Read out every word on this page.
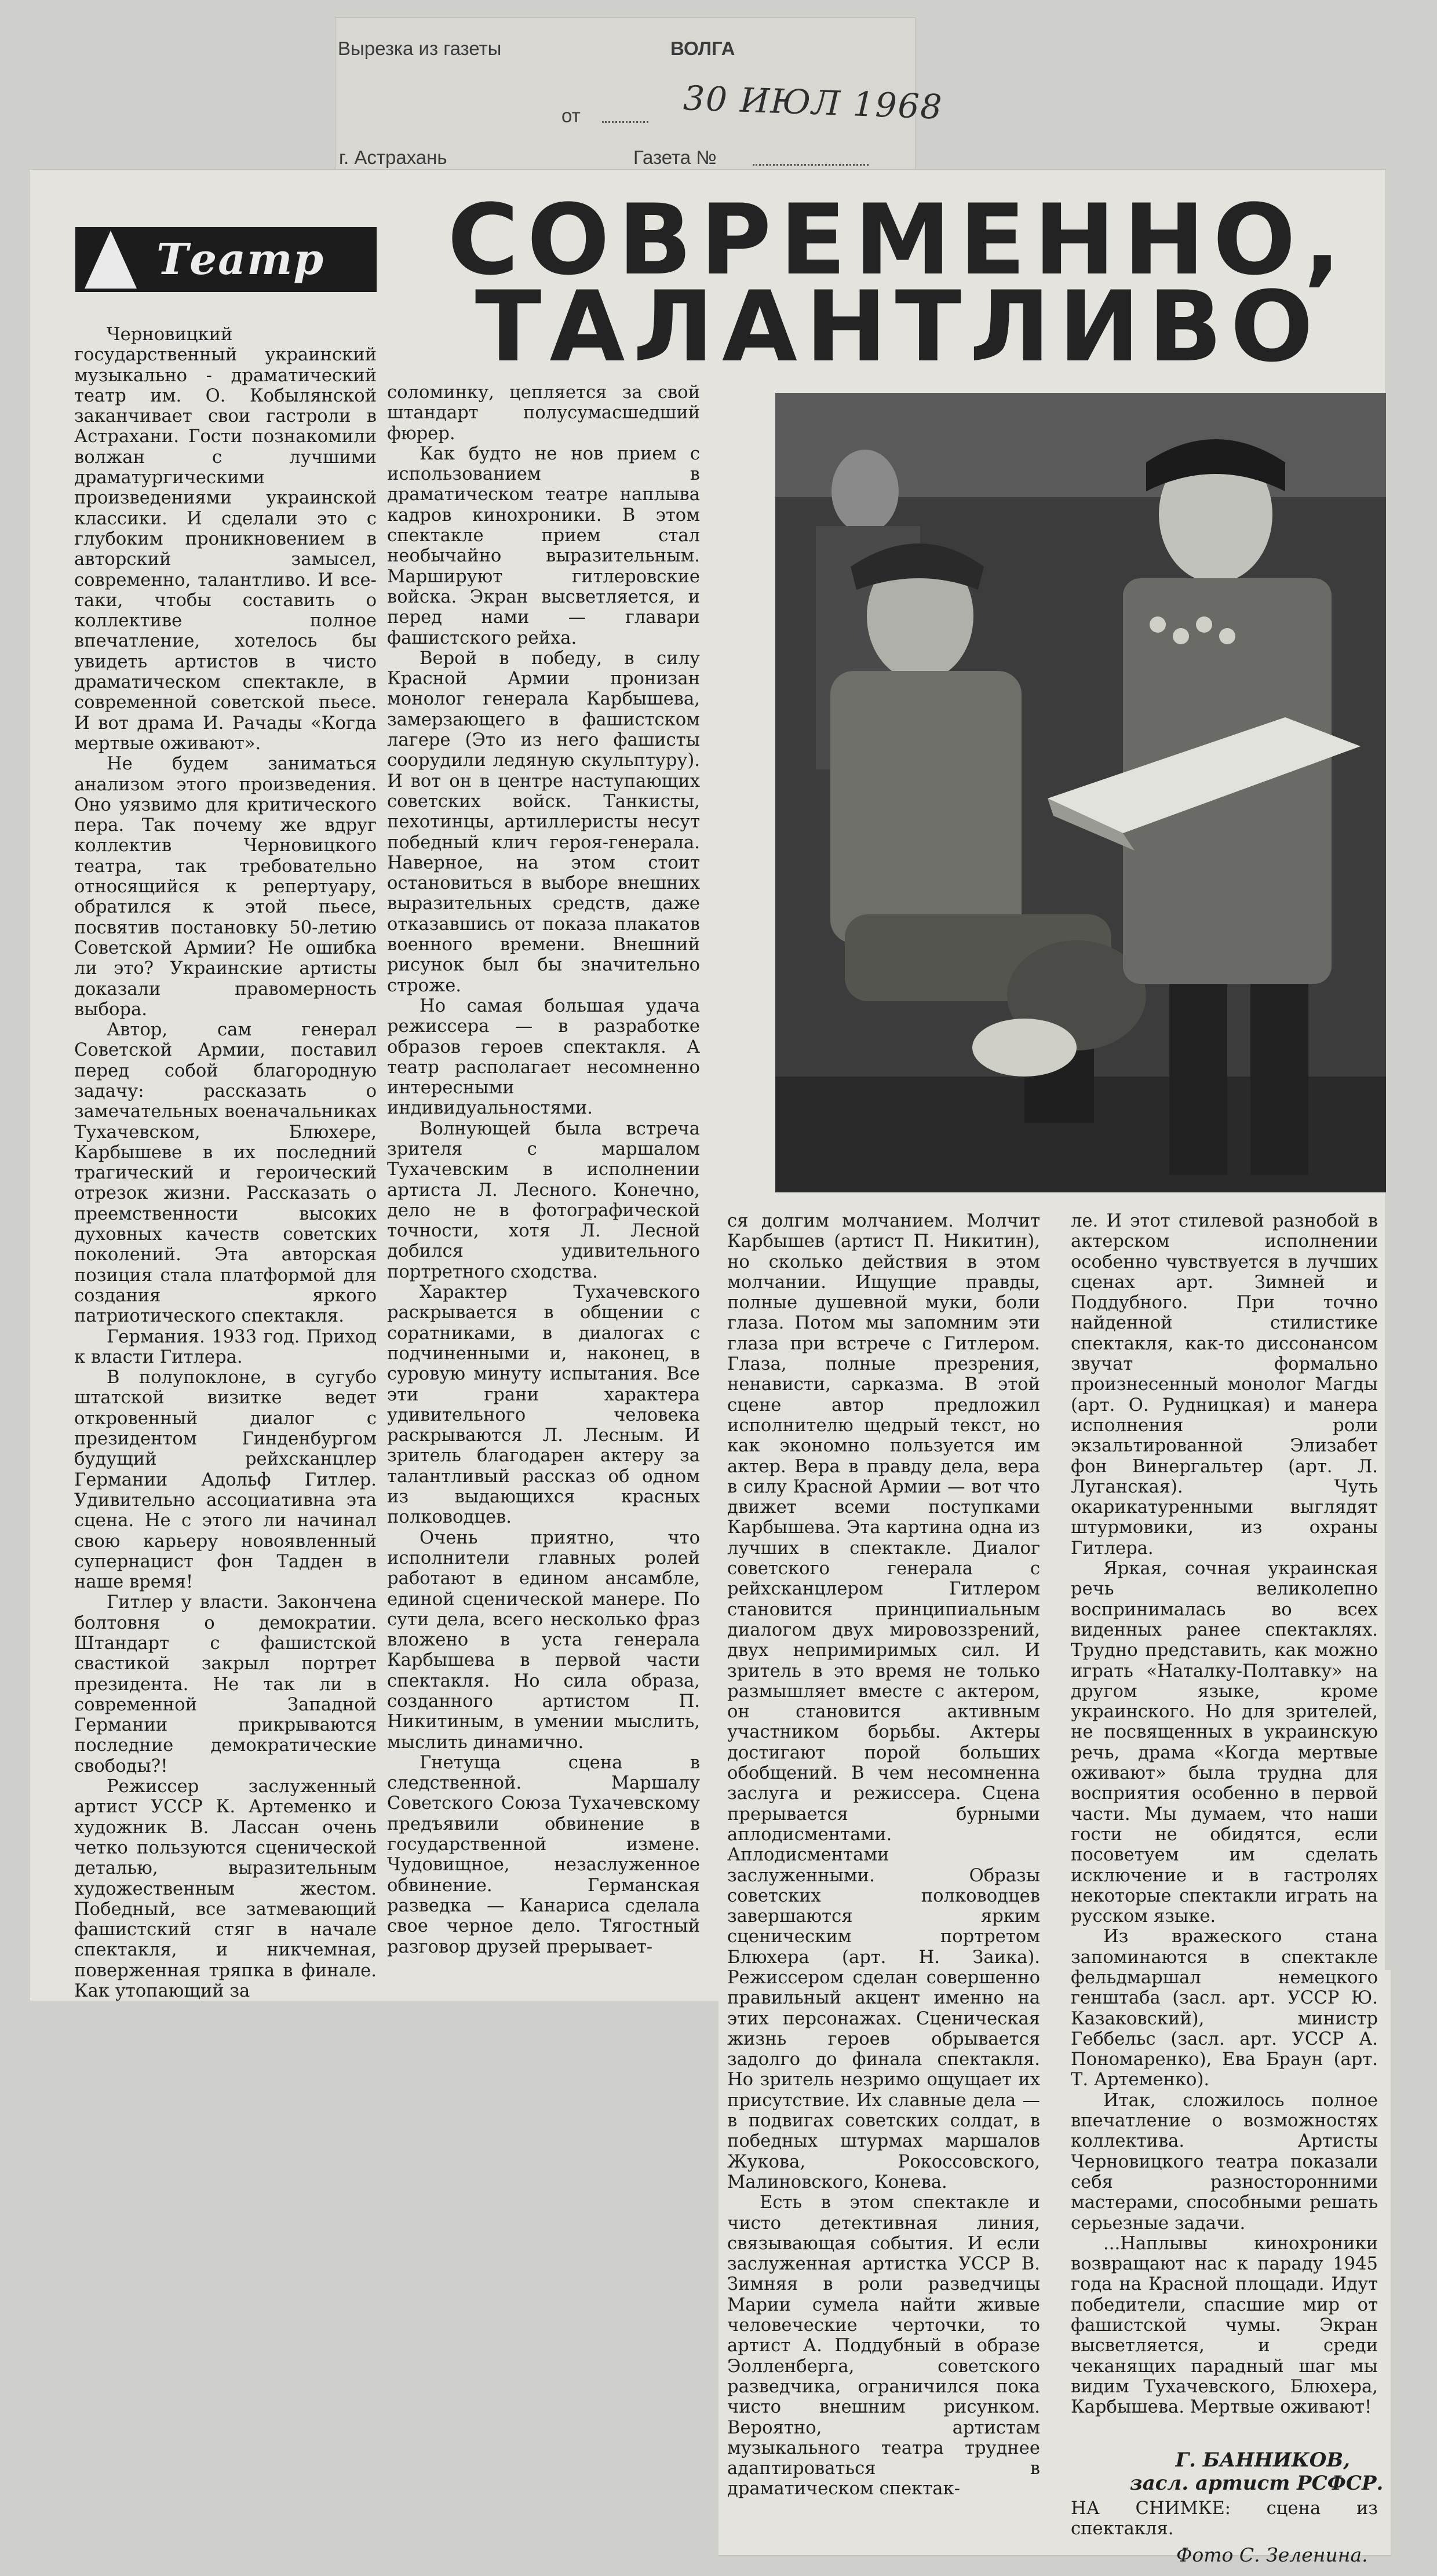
Вырезка из газеты	ВОЛГА
от	30 ИЮЛ 1968
г. Астрахань	Газета №
Театр СОВРЕМЕННО,
ТАЛАНТЛИВО

Черновицкий государственный украинский музыкально - драматический театр им. О. Кобылянской заканчивает свои гастроли в Астрахани. Гости познакомили волжан с лучшими драматургическими произведениями украинской классики. И сделали это с глубоким проникновением в авторский замысел, современно, талантливо. И все-таки, чтобы составить о коллективе полное впечатление, хотелось бы увидеть артистов в чисто драматическом спектакле, в современной советской пьесе. И вот драма И. Рачады «Когда мертвые оживают».

Не будем заниматься анализом этого произведения. Оно уязвимо для критического пера. Так почему же вдруг коллектив Черновицкого театра, так требовательно относящийся к репертуару, обратился к этой пьесе, посвятив постановку 50-летию Советской Армии? Не ошибка ли это? Украинские артисты доказали правомерность выбора.

Автор, сам генерал Советской Армии, поставил перед собой благородную задачу: рассказать о замечательных военачальниках Тухачевском, Блюхере, Карбышеве в их последний трагический и героический отрезок жизни. Рассказать о преемственности высоких духовных качеств советских поколений. Эта авторская позиция стала платформой для создания яркого патриотического спектакля.

Германия. 1933 год. Приход к власти Гитлера.

В полупоклоне, в сугубо штатской визитке ведет откровенный диалог с президентом Гинденбургом будущий рейхсканцлер Германии Адольф Гитлер. Удивительно ассоциативна эта сцена. Не с этого ли начинал свою карьеру новоявленный супернацист фон Тадден в наше время!

Гитлер у власти. Закончена болтовня о демократии. Штандарт с фашистской свастикой закрыл портрет президента. Не так ли в современной Западной Германии прикрываются последние демократические свободы?!

Режиссер заслуженный артист УССР К. Артеменко и художник В. Лассан очень четко пользуются сценической деталью, выразительным художественным жестом. Победный, все затмевающий фашистский стяг в начале спектакля, и никчемная, поверженная тряпка в финале. Как утопающий за

соломинку, цепляется за свой штандарт полусумасшедший фюрер.

Как будто не нов прием с использованием в драматическом театре наплыва кадров кинохроники. В этом спектакле прием стал необычайно выразительным. Маршируют гитлеровские войска. Экран высветляется, и перед нами — главари фашистского рейха.

Верой в победу, в силу Красной Армии пронизан монолог генерала Карбышева, замерзающего в фашистском лагере (Это из него фашисты соорудили ледяную скульптуру). И вот он в центре наступающих советских войск. Танкисты, пехотинцы, артиллеристы несут победный клич героя-генерала. Наверное, на этом стоит остановиться в выборе внешних выразительных средств, даже отказавшись от показа плакатов военного времени. Внешний рисунок был бы значительно строже.

Но самая большая удача режиссера — в разработке образов героев спектакля. А театр располагает несомненно интересными индивидуальностями.

Волнующей была встреча зрителя с маршалом Тухачевским в исполнении артиста Л. Лесного. Конечно, дело не в фотографической точности, хотя Л. Лесной добился удивительного портретного сходства.

Характер Тухачевского раскрывается в общении с соратниками, в диалогах с подчиненными и, наконец, в суровую минуту испытания. Все эти грани характера удивительного человека раскрываются Л. Лесным. И зритель благодарен актеру за талантливый рассказ об одном из выдающихся красных полководцев.

Очень приятно, что исполнители главных ролей работают в едином ансамбле, единой сценической манере. По сути дела, всего несколько фраз вложено в уста генерала Карбышева в первой части спектакля. Но сила образа, созданного артистом П. Никитиным, в умении мыслить, мыслить динамично.

Гнетуща сцена в следственной. Маршалу Советского Союза Тухачевскому предъявили обвинение в государственной измене. Чудовищное, незаслуженное обвинение. Германская разведка — Канариса сделала свое черное дело. Тягостный разговор друзей прерывает-

ся долгим молчанием. Молчит Карбышев (артист П. Никитин), но сколько действия в этом молчании. Ищущие правды, полные душевной муки, боли глаза. Потом мы запомним эти глаза при встрече с Гитлером. Глаза, полные презрения, ненависти, сарказма. В этой сцене автор предложил исполнителю щедрый текст, но как экономно пользуется им актер. Вера в правду дела, вера в силу Красной Армии — вот что движет всеми поступками Карбышева. Эта картина одна из лучших в спектакле. Диалог советского генерала с рейхсканцлером Гитлером становится принципиальным диалогом двух мировоззрений, двух непримиримых сил. И зритель в это время не только размышляет вместе с актером, он становится активным участником борьбы. Актеры достигают порой больших обобщений. В чем несомненна заслуга и режиссера. Сцена прерывается бурными аплодисментами. Аплодисментами заслуженными. Образы советских полководцев завершаются ярким сценическим портретом Блюхера (арт. Н. Заика). Режиссером сделан совершенно правильный акцент именно на этих персонажах. Сценическая жизнь героев обрывается задолго до финала спектакля. Но зритель незримо ощущает их присутствие. Их славные дела — в подвигах советских солдат, в победных штурмах маршалов Жукова, Рокоссовского, Малиновского, Конева.

Есть в этом спектакле и чисто детективная линия, связывающая события. И если заслуженная артистка УССР В. Зимняя в роли разведчицы Марии сумела найти живые человеческие черточки, то артист А. Поддубный в образе Эолленберга, советского разведчика, ограничился пока чисто внешним рисунком. Вероятно, артистам музыкального театра труднее адаптироваться в драматическом спектак-

ле. И этот стилевой разнобой в актерском исполнении особенно чувствуется в лучших сценах арт. Зимней и Поддубного. При точно найденной стилистике спектакля, как-то диссонансом звучат формально произнесенный монолог Магды (арт. О. Рудницкая) и манера исполнения роли экзальтированной Элизабет фон Винергальтер (арт. Л. Луганская). Чуть окарикатуренными выглядят штурмовики, из охраны Гитлера.

Яркая, сочная украинская речь великолепно воспринималась во всех виденных ранее спектаклях. Трудно представить, как можно играть «Наталку-Полтавку» на другом языке, кроме украинского. Но для зрителей, не посвященных в украинскую речь, драма «Когда мертвые оживают» была трудна для восприятия особенно в первой части. Мы думаем, что наши гости не обидятся, если посоветуем им сделать исключение и в гастролях некоторые спектакли играть на русском языке.

Из вражеского стана запоминаются в спектакле фельдмаршал немецкого генштаба (засл. арт. УССР Ю. Казаковский), министр Геббельс (засл. арт. УССР А. Пономаренко), Ева Браун (арт. Т. Артеменко).

Итак, сложилось полное впечатление о возможностях коллектива. Артисты Черновицкого театра показали себя разносторонними мастерами, способными решать серьезные задачи.

...Наплывы кинохроники возвращают нас к параду 1945 года на Красной площади. Идут победители, спасшие мир от фашистской чумы. Экран высветляется, и среди чеканящих парадный шаг мы видим Тухачевского, Блюхера, Карбышева. Мертвые оживают!

Г. БАННИКОВ,
засл. артист РСФСР.
НА СНИМКЕ: сцена из спектакля.
Фото С. Зеленина.
